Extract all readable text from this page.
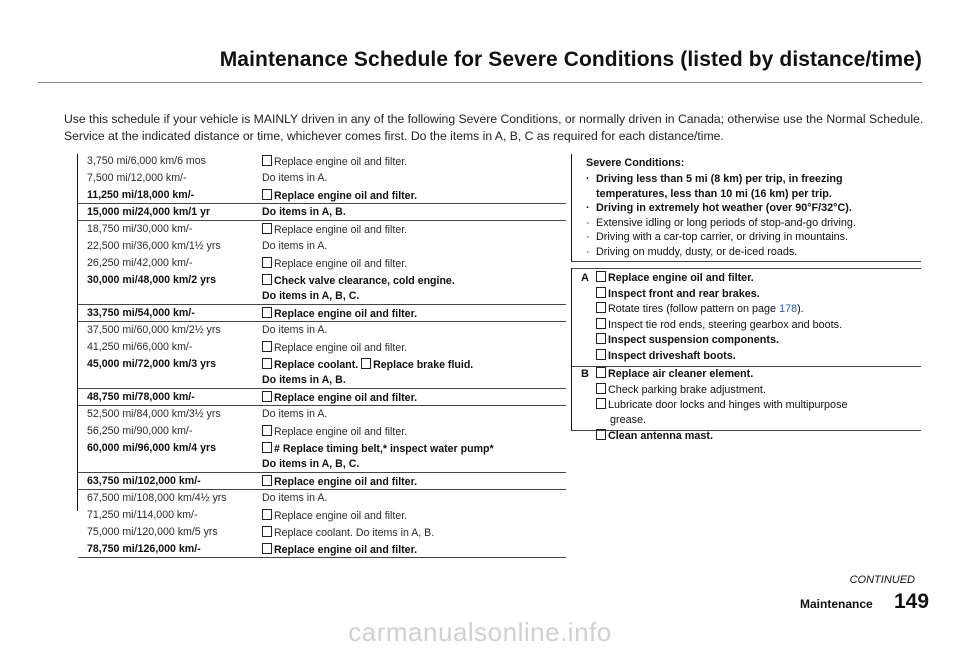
Maintenance Schedule for Severe Conditions (listed by distance/time)
Use this schedule if your vehicle is MAINLY driven in any of the following Severe Conditions, or normally driven in Canada; otherwise use the Normal Schedule. Service at the indicated distance or time, whichever comes first. Do the items in A, B, C as required for each distance/time.
3,750 mi/6,000 km/6 mos	Replace engine oil and filter.
7,500 mi/12,000 km/-	Do items in A.
11,250 mi/18,000 km/-	Replace engine oil and filter.
15,000 mi/24,000 km/1 yr	Do items in A, B.
18,750 mi/30,000 km/-	Replace engine oil and filter.
22,500 mi/36,000 km/1½ yrs	Do items in A.
26,250 mi/42,000 km/-	Replace engine oil and filter.
30,000 mi/48,000 km/2 yrs	Check valve clearance, cold engine.
Do items in A, B, C.
33,750 mi/54,000 km/-	Replace engine oil and filter.
37,500 mi/60,000 km/2½ yrs	Do items in A.
41,250 mi/66,000 km/-	Replace engine oil and filter.
45,000 mi/72,000 km/3 yrs	Replace coolant. Replace brake fluid.
Do items in A, B.
48,750 mi/78,000 km/-	Replace engine oil and filter.
52,500 mi/84,000 km/3½ yrs	Do items in A.
56,250 mi/90,000 km/-	Replace engine oil and filter.
60,000 mi/96,000 km/4 yrs	# Replace timing belt,* inspect water pump*
Do items in A, B, C.
63,750 mi/102,000 km/-	Replace engine oil and filter.
67,500 mi/108,000 km/4½ yrs	Do items in A.
71,250 mi/114,000 km/-	Replace engine oil and filter.
75,000 mi/120,000 km/5 yrs	Replace coolant. Do items in A, B.
78,750 mi/126,000 km/-	Replace engine oil and filter.
Severe Conditions:
· Driving less than 5 mi (8 km) per trip, in freezing
temperatures, less than 10 mi (16 km) per trip.
· Driving in extremely hot weather (over 90°F/32°C).
· Extensive idling or long periods of stop-and-go driving.
· Driving with a car-top carrier, or driving in mountains.
· Driving on muddy, dusty, or de-iced roads.
A	Replace engine oil and filter.
Inspect front and rear brakes.
Rotate tires (follow pattern on page 178).
Inspect tie rod ends, steering gearbox and boots.
Inspect suspension components.
Inspect driveshaft boots.
B	Replace air cleaner element.
Check parking brake adjustment.
Lubricate door locks and hinges with multipurpose
grease.
Clean antenna mast.
CONTINUED
Maintenance 149
carmanualsonline.info
